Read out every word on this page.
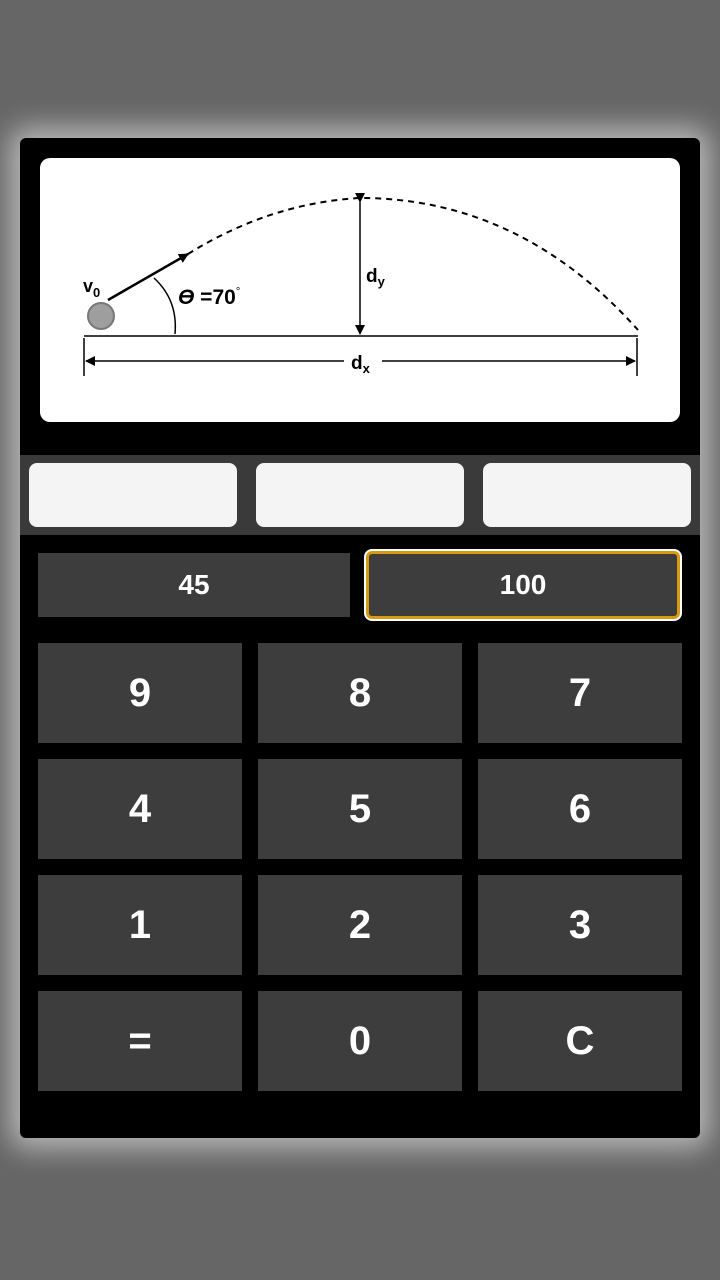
$v_0$	ϴ =70°
$d_y$
$d_x$
45	100
9	8	7
4	5	6
1	2	3
=	0	C
